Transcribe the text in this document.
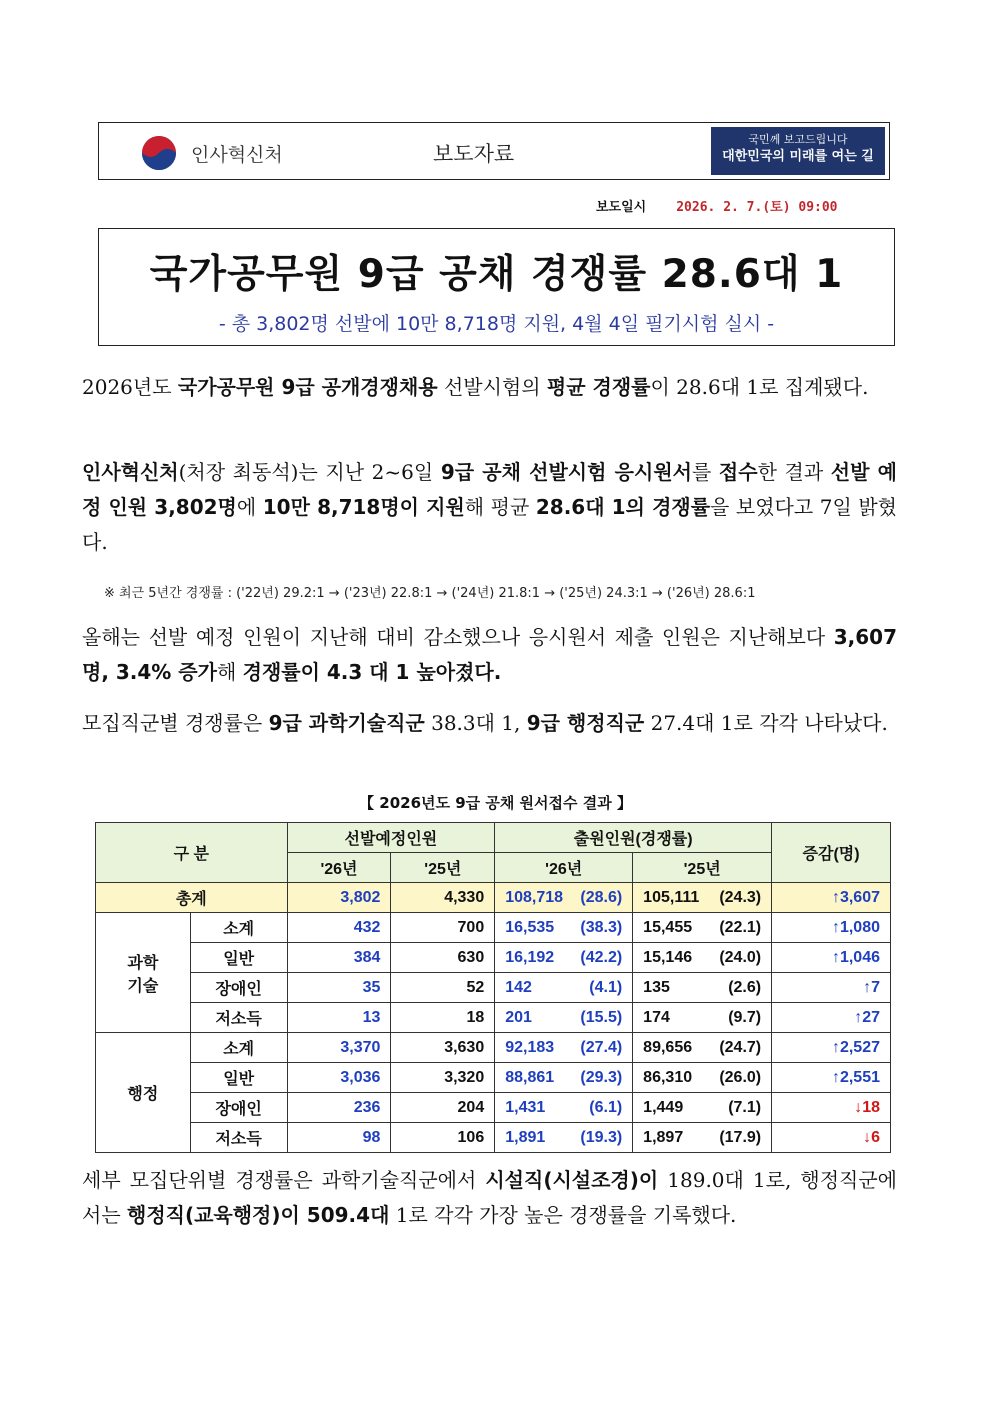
인사혁신처	보도자료
국민께 보고드립니다
대한민국의 미래를 여는 길
보도일시 2026. 2. 7.(토) 09:00
국가공무원 9급 공채 경쟁률 28.6대 1
- 총 3,802명 선발에 10만 8,718명 지원, 4월 4일 필기시험 실시 -
2026년도 국가공무원 9급 공개경쟁채용 선발시험의 평균 경쟁률이 28.6대 1로 집계됐다.
인사혁신처(처장 최동석)는 지난 2~6일 9급 공채 선발시험 응시원서를 접수한 결과 선발 예정 인원 3,802명에 10만 8,718명이 지원해 평균 28.6대 1의 경쟁률을 보였다고 7일 밝혔다.
※ 최근 5년간 경쟁률 : ('22년) 29.2:1 → ('23년) 22.8:1 → ('24년) 21.8:1 → ('25년) 24.3:1 → ('26년) 28.6:1
올해는 선발 예정 인원이 지난해 대비 감소했으나 응시원서 제출 인원은 지난해보다 3,607명, 3.4% 증가해 경쟁률이 4.3 대 1 높아졌다.
모집직군별 경쟁률은 9급 과학기술직군 38.3대 1, 9급 행정직군 27.4대 1로 각각 나타났다.
【 2026년도 9급 공채 원서접수 결과 】
구 분		선발예정인원		출원인원(경쟁률)		증감(명)
		'26년	'25년	'26년	'25년	
총계		3,802	4,330	108,718 (28.6)	105,111 (24.3)	↑3,607
과학
기술	소계	432	700	16,535 (38.3)	15,455 (22.1)	↑1,080
	일반	384	630	16,192 (42.2)	15,146 (24.0)	↑1,046
	장애인	35	52	142 (4.1)	135 (2.6)	↑7
	저소득	13	18	201 (15.5)	174 (9.7)	↑27
행정	소계	3,370	3,630	92,183 (27.4)	89,656 (24.7)	↑2,527
	일반	3,036	3,320	88,861 (29.3)	86,310 (26.0)	↑2,551
	장애인	236	204	1,431 (6.1)	1,449 (7.1)	↓18
	저소득	98	106	1,891 (19.3)	1,897 (17.9)	↓6
세부 모집단위별 경쟁률은 과학기술직군에서 시설직(시설조경)이 189.0대 1로, 행정직군에서는 행정직(교육행정)이 509.4대 1로 각각 가장 높은 경쟁률을 기록했다.
